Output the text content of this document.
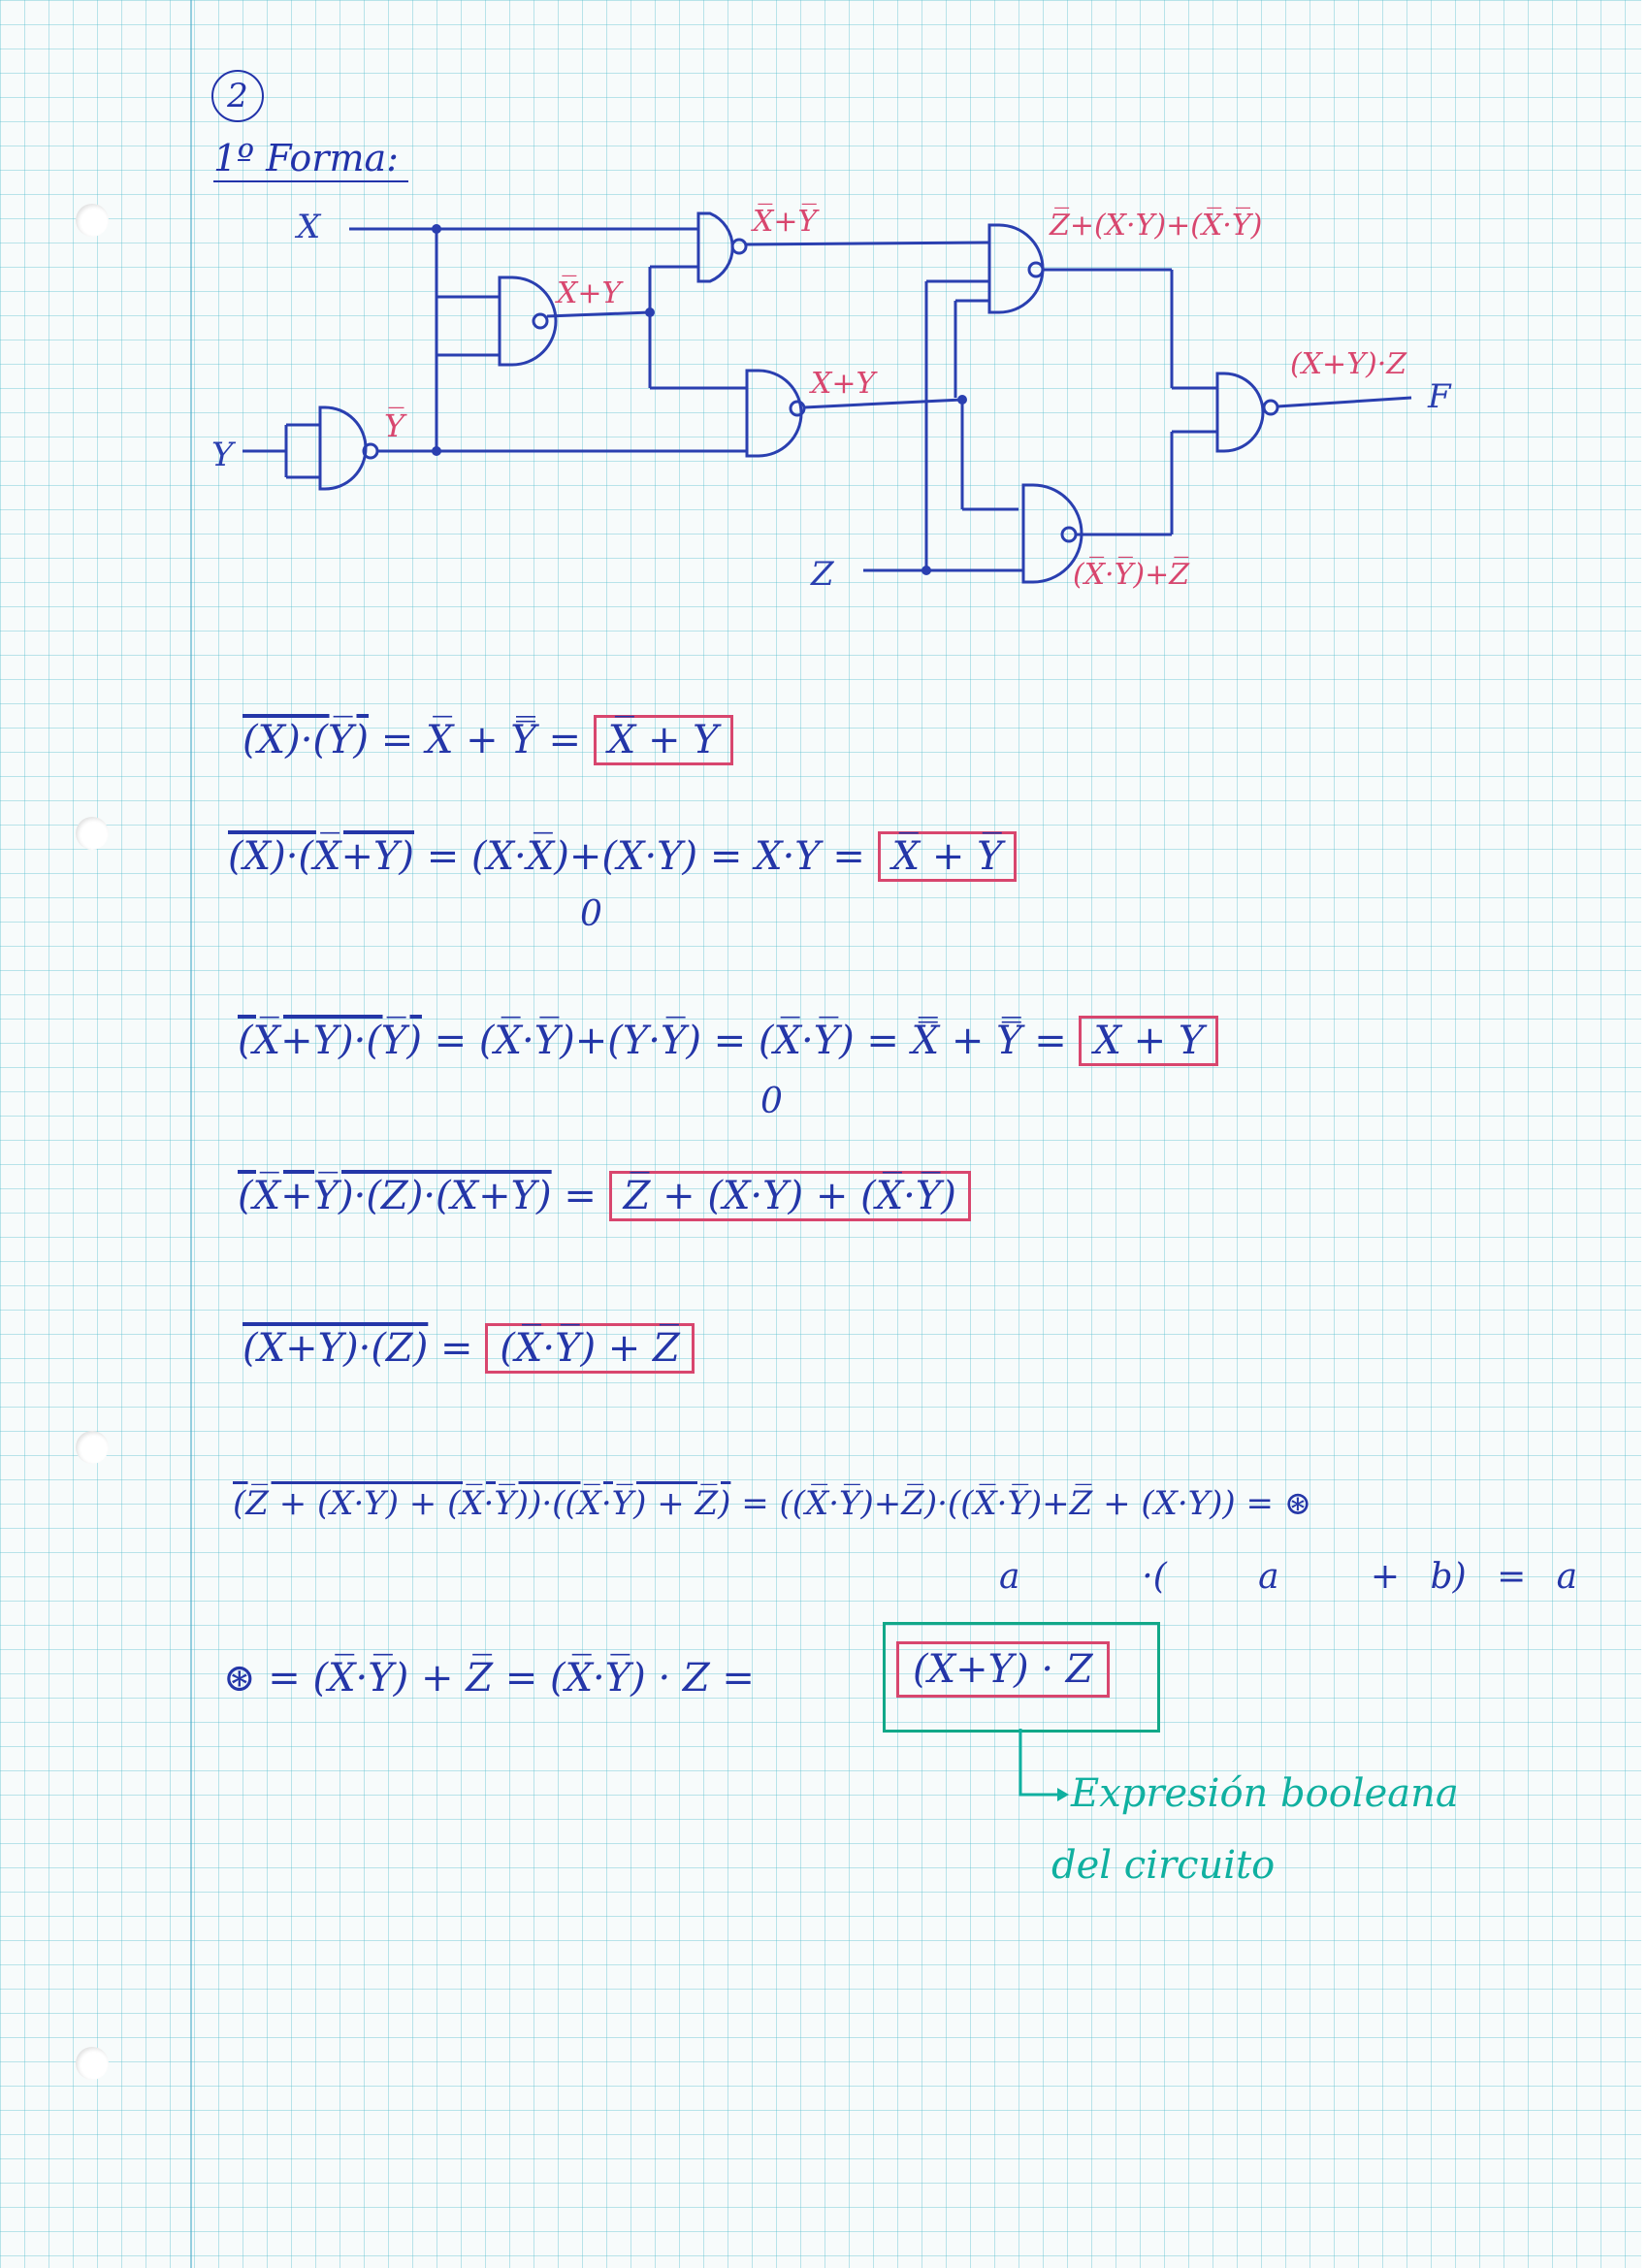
2
1º Forma:
X
Y
Z
F
Y̅
X̅+Y
X̅+Y̅
X+Y
Z̅+(X·Y)+(X̅·Y̅)
(X̅·Y̅)+Z̅
(X+Y)·Z
(X)·(Y̅) = X̅ + Y̿ = X̅ + Y
(X)·(X̅+Y) = (X·X̅)+(X·Y) = X·Y = X̅ + Y̅
0
(X̅+Y)·(Y̅) = (X̅·Y̅)+(Y·Y̅) = (X̅·Y̅) = X̿ + Y̿ = X + Y
0
(X̅+Y̅)·(Z)·(X+Y) = Z̅ + (X·Y) + (X̅·Y̅)
(X+Y)·(Z) = (X̅·Y̅) + Z̅
(Z̅ + (X·Y) + (X̅·Y̅))·((X̅·Y̅) + Z̅) = ((X̅·Y̅)+Z̅)·((X̅·Y̅)+Z̅ + (X·Y)) = ⊛
a	·(	a	+ b) = a
⊛ = (X̅·Y̅) + Z̅ = (X̅·Y̅) · Z =	(X+Y) · Z
Expresión booleana
del circuito
